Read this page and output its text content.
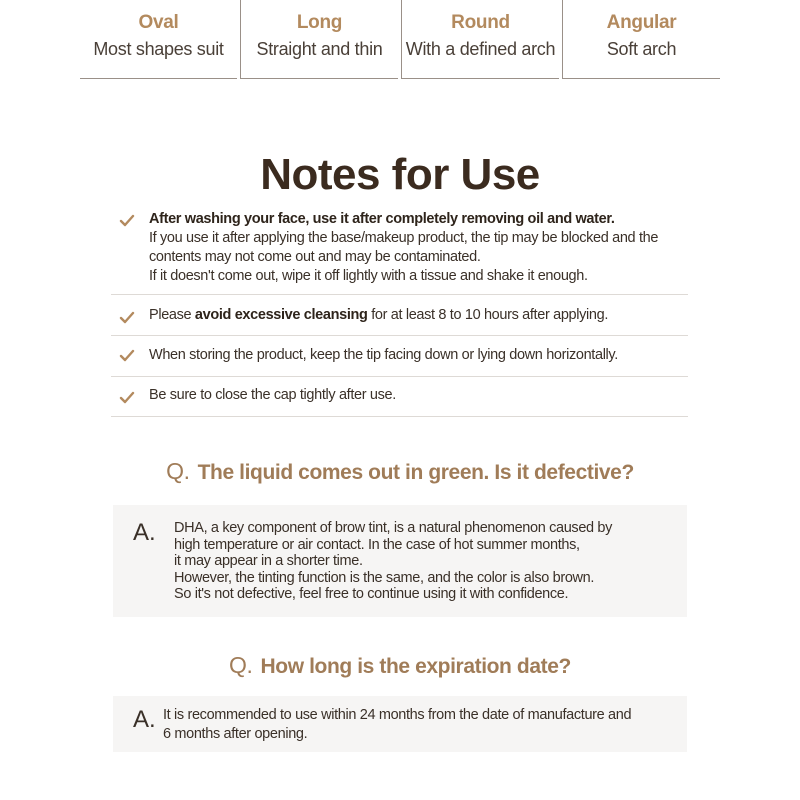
Oval
Most shapes suit
Long
Straight and thin
Round
With a defined arch
Angular
Soft arch
Notes for Use

After washing your face, use it after completely removing oil and water.

If you use it after applying the base/makeup product, the tip may be blocked and the

contents may not come out and may be contaminated.

If it doesn't come out, wipe it off lightly with a tissue and shake it enough.

Please avoid excessive cleansing for at least 8 to 10 hours after applying.

When storing the product, keep the tip facing down or lying down horizontally.

Be sure to close the cap tightly after use.

Q. The liquid comes out in green. Is it defective?
A. DHA, a key component of brow tint, is a natural phenomenon caused by

high temperature or air contact. In the case of hot summer months,

it may appear in a shorter time.

However, the tinting function is the same, and the color is also brown.

So it's not defective, feel free to continue using it with confidence.

Q. How long is the expiration date?
A. It is recommended to use within 24 months from the date of manufacture and

6 months after opening.
